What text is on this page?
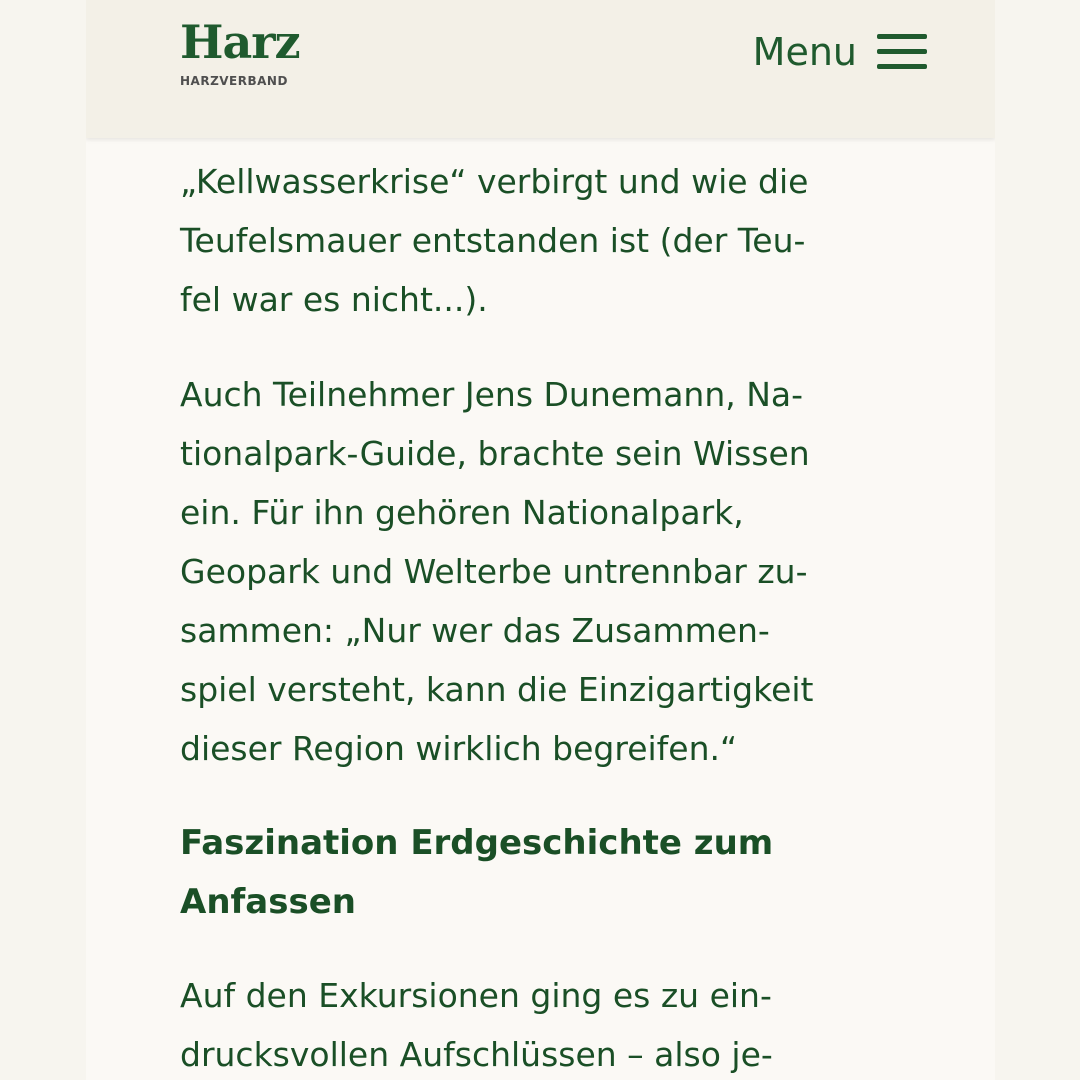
Harz
HARZVERBAND
Menu

„Kellwasserkrise“ verbirgt und wie die
Teufelsmauer entstanden ist (der Teu-
fel war es nicht...).

Auch Teilnehmer Jens Dunemann, Na-
tionalpark-Guide, brachte sein Wissen
ein. Für ihn gehören Nationalpark,
Geopark und Welterbe untrennbar zu-
sammen: „Nur wer das Zusammen-
spiel versteht, kann die Einzigartigkeit
dieser Region wirklich begreifen.“

Faszination Erdgeschichte zum
Anfassen

Auf den Exkursionen ging es zu ein-
drucksvollen Aufschlüssen – also je-
